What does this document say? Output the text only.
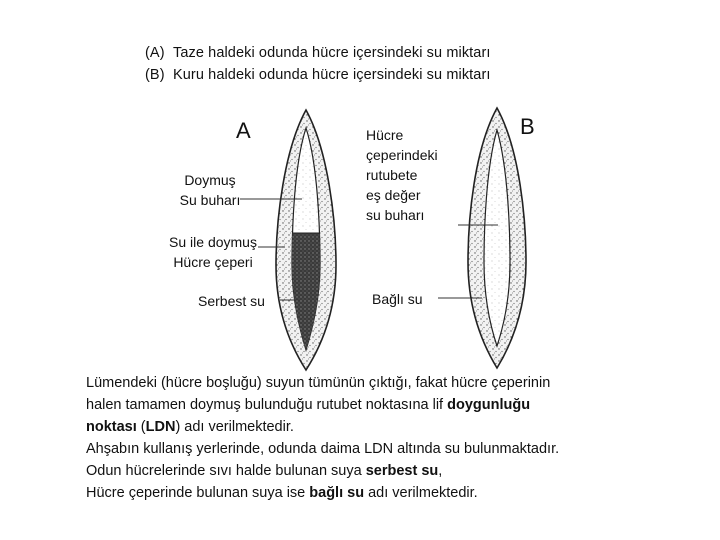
(A) Taze haldeki odunda hücre içersindeki su miktarı
(B) Kuru haldeki odunda hücre içersindeki su miktarı
A	B
Doymuş
Su buharı
Su ile doymuş
Hücre çeperi
Serbest su
Hücre
çeperindeki
rutubete
eş değer
su buharı
Bağlı su

Lümendeki (hücre boşluğu) suyun tümünün çıktığı, fakat hücre çeperinin

halen tamamen doymuş bulunduğu rutubet noktasına lif doygunluğu

noktası (LDN) adı verilmektedir.

Ahşabın kullanış yerlerinde, odunda daima LDN altında su bulunmaktadır.

Odun hücrelerinde sıvı halde bulunan suya serbest su,

Hücre çeperinde bulunan suya ise bağlı su adı verilmektedir.
